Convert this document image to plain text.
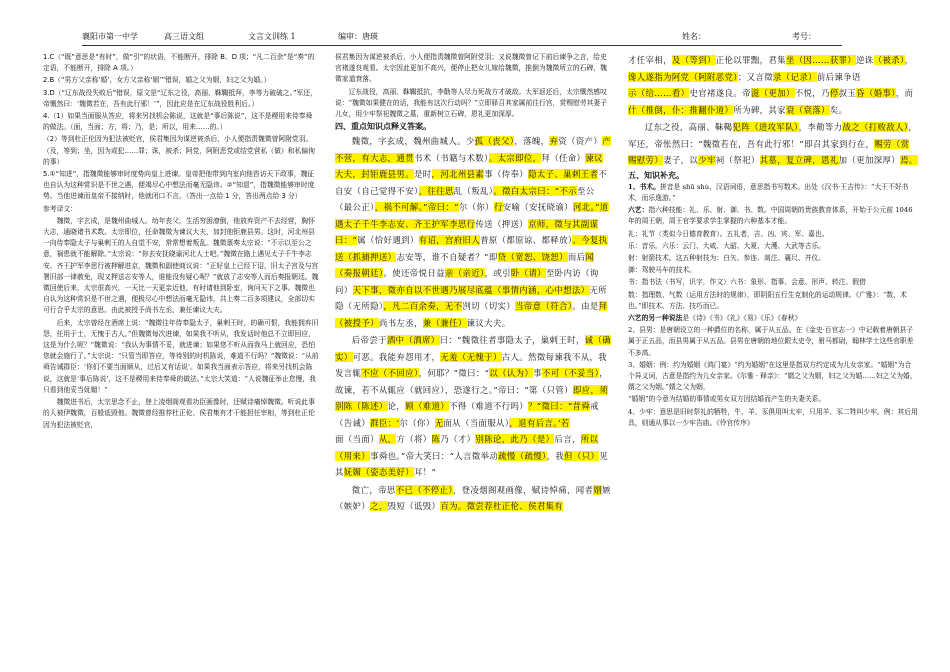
襄阳市第一中学	高三语文组	文言文训练 1	编审：唐瑛	姓名：	考号：

1.C（“既”意思是“有时”，做“引”的状语，不能断开，排除 B、D 项；“凡二百余”是“奏”的定语，不能断开，排除 A 项。）

2.B（“男方父亲称‘婚’，女方父亲称‘姻’”错误，婚之父为姻，妇之父为婚。）

3.D（“辽东战役失败后”错误，原文是“辽东之役，高丽、靺鞨抵拜，李等力破破之。”军还，帝慨然曰：‘魏徵若在，吾有此行邪！’”，因此应是在辽东战役胜利后。）

4.（1）如果当面服从答应，将来另找机会陈说，这就是“事后陈说”，这不是稷用来侍奉舜的做法。（面，当面；方，将；乃，是；所以，用来……的。）

（2）等到杜正伦因为犯法被贬官，侯君集因为谋逆被杀后，小人便指责魏徵曾阿附党羽。（及，等到；坐，因为或犯……罪；诛，被杀；阿党，阿附恶党或结党营私（做）和私偏徇的事）

5.①“知进”，指魏徵能够审时度势向皇上进谏。皇帝把他带到内室向他咨访天下政事，魏征也自认为这种赏识是不世之遇，便竭尽心中想法而毫无隐讳。②“知退”，指魏徵能够审时度势。当他进谏而皇帝不接纳时，他就闭口不言。（答出一点给 1 分，答出两点给 3 分）

参考译文：

魏徵，字玄成，是魏州曲城人。幼年丧父，生活穷困潦倒，他放弃资产不去经营，胸怀大志，通晓诸书术数。太宗即位，任命魏徵为谏议大夫，加封他钜鹿县男。这时，河北州县一向侍奉隐太子与巢剌王的人自觉不安，常常想着叛乱。魏徵禀奏太宗说：“不示以至公之意，祸患就不能解除。”太宗说：“你去安抚晓谕河北人士吧。”魏徵在路上遇见太子千牛李志安、齐王护军李思行被押解进京，魏徵和副使商议说：“正好皇上已经下诏，旧太子宫及与宫署旧部一律赦免，现又押送志安等人，谁能没有疑心呢？”就放了志安等人而后奏报朝廷。魏徵回使后来，太宗很高兴，一天比一天更亲近他，有时请他到卧室，询问天下之事。魏徵也自认为这种赏识是不世之遇，便极尽心中想法而毫无隐讳，共上奏二百多项建议，全部切实可行合乎太宗的意思。由此被授予尚书左丞，兼任谏议大夫。

后来，太宗曾经在酒席上说：“魏徵往年侍奉隐太子，巢剌王时，的确可恨，我能拥弃旧怨，任用于士，无愧于古人。”但魏徵每次进谏，如果我不听从，我发话时他总不立即回应，这是为什么呢？”魏徵说：“我认为事情不妥，就进谏；如果您不听从而我马上就回应，恐怕您就会施行了。”太宗说：“只管当即答应，等待别的时机陈说，难道不行吗？”魏徵说：“从前舜告诫群臣：‘你们不要当面顺从，过后又有话说’。如果我当面表示答应，将来另找机会陈说，这就是‘事后陈说’，这不是稷用来侍奉舜的做法。”太宗大笑道：“人说魏征举止怠慢，我只看到他妥当妩媚！”

魏徵进书后，太宗思念不止，登上凌烟阁观看功臣画像时，还赋诗痛悼魏徵。听说此事的人被伊魏徵，百般诋毁他。魏徵曾经推荐杜正伦、侯君集有才干能担任宰相，等到杜正伦因为犯法被贬官，

侯君集因为谋逆被杀后，小人便指责魏徵曾阿附党羽；又说魏徵曾记下前后谏争之言，给史官褚遂良观看。太宗因此更加不高兴，便停止把女儿嫁给魏徵，推倒为魏徵所立的石碑，魏徵家道衰落。

辽东战役，高丽、靺鞨抵抗，李勣等人尽力死战方才破敌。大军返还后，太宗慨然感叹说：“魏徵如果健在的话，我能有这次行动吗？”立即驿召其家属前往行宫，赏赐慰劳其妻子儿女，用少牢祭祀魏徵之墓，重新树立石碑，恩礼更加深厚。

四、重点知识点释义答案。

魏徵，字玄成，魏州曲城人。少孤（丧父），落魄，弃资（资产）产不营，有大志，通贯书术（书籍与术数）。太宗即位，拜（任命）谏议大夫，封钜鹿县男。是时，河北州县素事（侍奉）隐太子、巢剌王者不自安（自己觉得不安），往往思乱（叛乱）。徵白太宗曰：“不示至公（最公正），祸不可解。”帝曰：“尔（你）行安喻（安抚晓谕）河北。”道遇太子千牛李志安、齐王护军李思行传送（押送）京师，徵与其副谋曰：“属（恰好遇到）有诏，宫府旧人普原（都原谅、都释放）。今复执送（抓捕押送）志安等，谁不自疑者？”即贷（宽恕、饶恕）而后闻（奏报朝廷）。使还帝悦日益亲（亲近），或引卧（请）至卧内访（询问）天下事，徵亦自以不世遇乃展尽底蕴（事情内涵，心中想法）无所隐（无所隐），凡二百余奏，无不剀切（切实）当帝意（符合）。由是拜（被授予）尚书左丞，兼（兼任）谏议大夫。

后帝尝于酒中（酒席）曰：“魏徵往者事隐太子，巢剌王时，诚（确实）可恶。我能弃怨用才，无羞（无愧于）古人。然徵每谏我不从，我发言辄不应（不回应），何耶？”徵曰：“以（认为）事不可（不妥当），故谏，若不从辄应（就回应），恐遂行之。”帝曰：“第（只管）即应，须别陈（陈述）论，顾（难道）不得（难道不行吗）？”徵曰：“昔舜戒（告诫）群臣：‘尔（你）无面从（当面服从），退有后言。’若面（当面）从，方（将）陈乃（才）别陈论，此乃（是）后言，所以（用来）事舜也。”帝大笑曰：“人言徵举动疏慢（疏慢），我但（只）见其妩媚（姿态美好）耳！”

徵亡，帝思不已（不停止），登凌烟阁观画像，赋诗悼痛，闻者媢嫉（嫉妒）之，毁短（诋毁）百为。徵尝荐杜正伦、侯君集有

才任宰相，及（等到）正伦以罪黜，君集坐（因……获罪）逆诛（被杀），谗人遂指为阿党（阿附恶党）；又言徵录（记录）前后谏争语示（给……看）史官褚遂良。帝滋（更加）不悦，乃停叔玉昏（婚事），而什（推倒，仆：推翻仆道）所为碑，其家衰（衰落）矣。

辽东之役，高丽、靺鞨犯阵（进攻军队），李勣等力战之（打败敌人），军还，帝怅然曰：“魏徵若在，吾有此行邪！”即召其家到行在，赐劳（赏赐慰劳）妻子，以少牢祠（祭祀）其墓，复立碑，恩礼加（更加深厚）焉。

五、知识补充。

1、书术。拼音是 shū shù，汉语词语，意思指书写数术。出处《汉书·王吉传》：“大王不好书术，而乐逸游。”

六艺：指六种技能：礼、乐、射、御、书、数。中国周朝的贵族教育体系，开始于公元前 1046 年的周王朝，周王官学要求学生掌握的六种基本才能。

礼：礼节（类似今日德育教育）。五礼者，吉、凶、宾、军、嘉也。

乐：音乐。六乐：云门、大咸、大韶、大夏、大濩、大武等古乐。

射：射箭技术。这五种射技为：白矢、参连、剡注、襄尺、井仪。

御：驾驶马车的技术。

书：指书法（书写，识字，作文）六书：象形、指事、会意、形声、转注、假借

数：指理数、气数（运用方法时的规律），即阴阳五行生克制化的运动规律。《广雅》：“数，术也。”即技术、方法、技巧而已。

六艺的另一种说法是《诗》《书》《礼》《易》《乐》《春秋》

2、县男：是唐朝设立的一种爵位的名称，属于从五品。在《金史·百官志一》中记载着唐朝县子属于正五品，而县男属于从五品。县男在唐朝的地位跟太史令，驸马都尉，翰林学士这些官职差不多高。

3、婚姻：例：约为婚姻《鸿门宴》“约为婚姻”在这里是指双方约定成为儿女亲家。“婚姻”为合个异义词，古意是指约为儿女亲家。《尔雅 · 释亲》：“婿之父为姻，妇之父为婚……妇之父为婚，婿之父为姻。”婿之父为姻，

“婚姻”的今意为结婚的事情或男女双方因结婚而产生的夫妻关系。

4、少牢：意思是旧时祭礼的牺牲，牛、羊、豕俱用叫太牢，只用羊、豕二牲叫少牢。例：其后用具，则通从事以一少牢告庙。《伶官传序》
